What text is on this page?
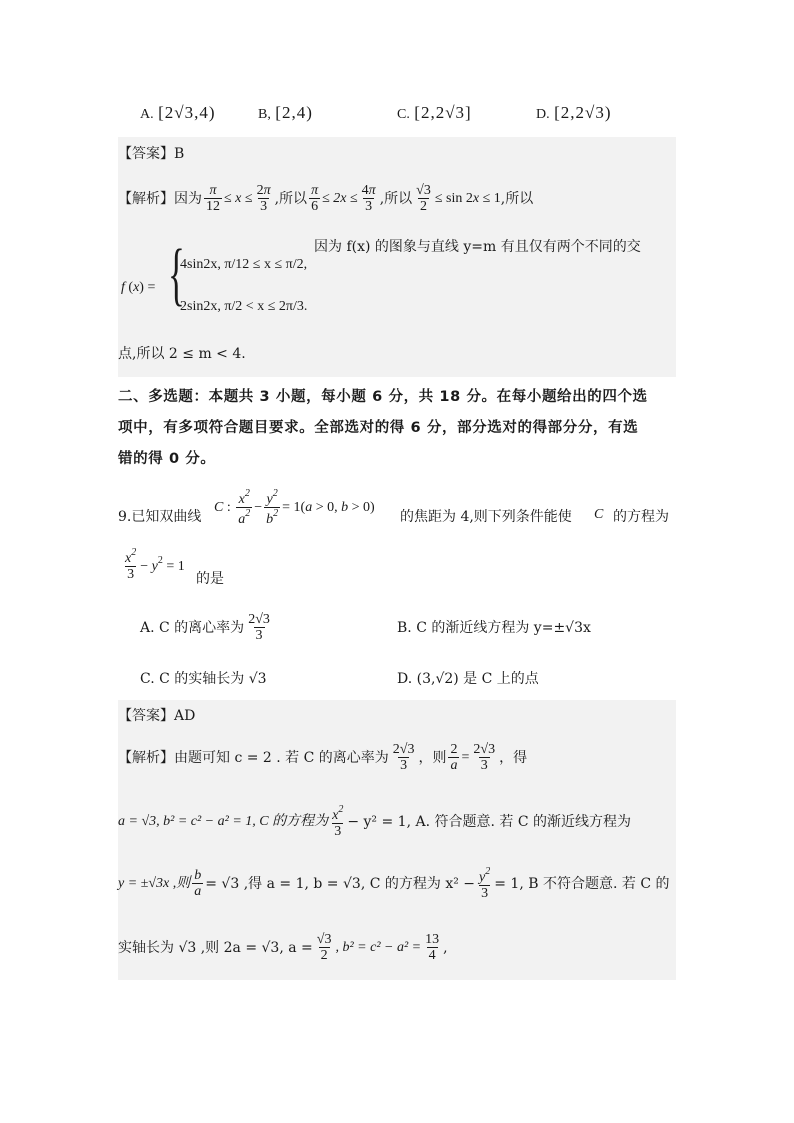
A. [2√3,4)	B, [2,4)	C. [2,2√3]	D. [2,2√3)
【答案】B
【解析】 因为 $\frac{\pi}{12} \le x \le \frac{2\pi}{3}$ ,所以 $\frac{\pi}{6} \le 2x \le \frac{4\pi}{3}$ ,所以 $\frac{√3}{2} \le \sin 2x \le 1$ ,所以
f (x) = {
4sin2x, π/12 ≤ x ≤ π/2,
2sin2x, π/2 < x ≤ 2π/3.
因为 f(x) 的图象与直线 y=m 有且仅有两个不同的交
点,所以 2 ≤ m < 4.
二、多选题：本题共 3 小题，每小题 6 分，共 18 分。在每小题给出的四个选
项中，有多项符合题目要求。全部选对的得 6 分，部分选对的得部分分，有选
错的得 0 分。
9.已知双曲线
C : $\frac{x^2}{a^2} - \frac{y^2}{b^2} = 1(a > 0$, b > 0)
的焦距为 4,则下列条件能使 C 的方程为
$\frac{x^2}{3} - y^2 = 1$
的是
A. C 的离心率为 $\frac{2√3}{3}$	B. C 的渐近线方程为 y=±√3x
C. C 的实轴长为 √3	D. (3,√2) 是 C 上的点
【答案】AD
【解析】 由题可知 c = 2 . 若 C 的离心率为 $\frac{2√3}{3}$ ，则 $\frac{2}{a} = \frac{2√3}{3}$ ，得
a = √3, b² = c² − a² = 1, C 的方程为 $\frac{x^2}{3} - y^2 = 1$, A. 符合题意. 若 C 的渐近线方程为
y = ±√3x ,则 $\frac{b}{a} = √3$ ,得 a = 1, b = √3, C 的方程为 $x^2 - \frac{y^2}{3} = 1$, B 不符合题意. 若 C 的
实轴长为 √3 ,则 2a = √3, $a = \frac{√3}{2}$ , $b^2 = c^2 - a^2 = \frac{13}{4}$ ,
